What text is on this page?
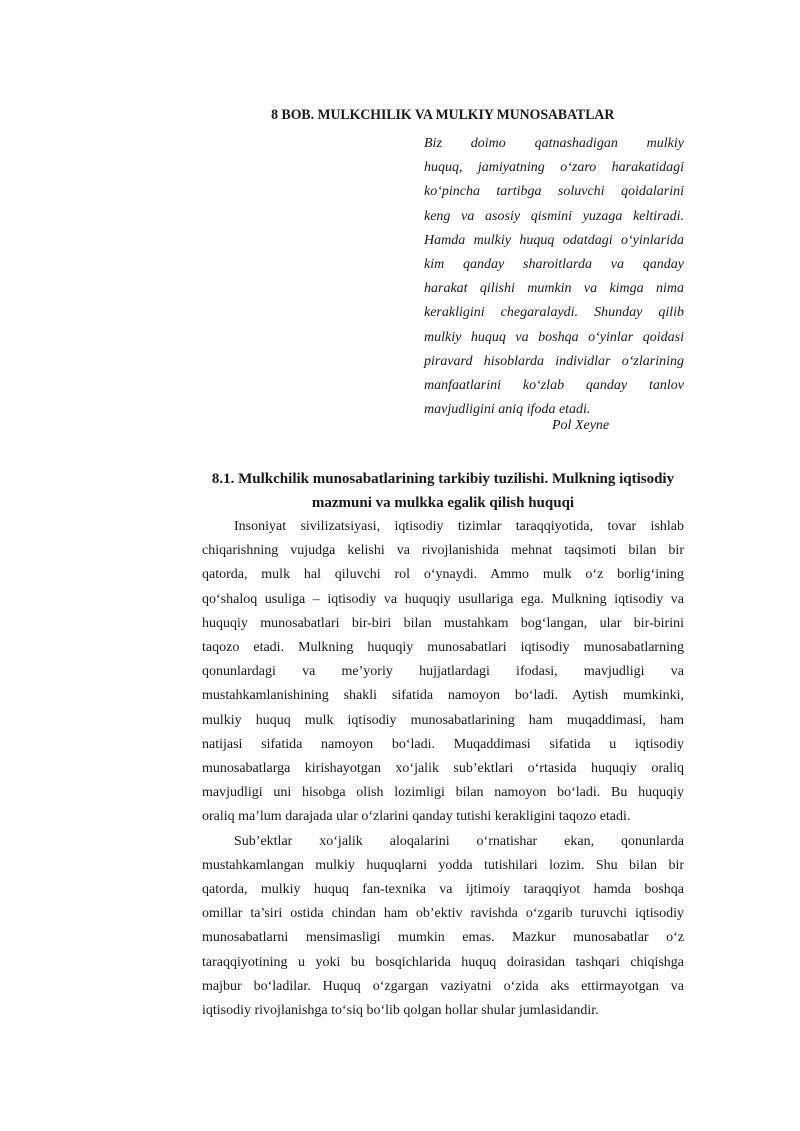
8 BOB. MULKCHILIK VA MULKIY MUNOSABATLAR
Biz doimo qatnashadigan mulkiy
huquq, jamiyatning o‘zaro harakatidagi
ko‘pincha tartibga soluvchi qoidalarini
keng va asosiy qismini yuzaga keltiradi.
Hamda mulkiy huquq odatdagi o‘yinlarida
kim qanday sharoitlarda va qanday
harakat qilishi mumkin va kimga nima
kerakligini chegaralaydi. Shunday qilib
mulkiy huquq va boshqa o‘yinlar qoidasi
piravard hisoblarda individlar o‘zlarining
manfaatlarini ko‘zlab qanday tanlov
mavjudligini aniq ifoda etadi.
Pol Xeyne
8.1. Mulkchilik munosabatlarining tarkibiy tuzilishi. Mulkning iqtisodiy
mazmuni va mulkka egalik qilish huquqi
Insoniyat sivilizatsiyasi, iqtisodiy tizimlar taraqqiyotida, tovar ishlab
chiqarishning vujudga kelishi va rivojlanishida mehnat taqsimoti bilan bir
qatorda, mulk hal qiluvchi rol o‘ynaydi. Ammo mulk o‘z borlig‘ining
qo‘shaloq usuliga – iqtisodiy va huquqiy usullariga ega. Mulkning iqtisodiy va
huquqiy munosabatlari bir-biri bilan mustahkam bog‘langan, ular bir-birini
taqozo etadi. Mulkning huquqiy munosabatlari iqtisodiy munosabatlarning
qonunlardagi va me’yoriy hujjatlardagi ifodasi, mavjudligi va
mustahkamlanishining shakli sifatida namoyon bo‘ladi. Aytish mumkinki,
mulkiy huquq mulk iqtisodiy munosabatlarining ham muqaddimasi, ham
natijasi sifatida namoyon bo‘ladi. Muqaddimasi sifatida u iqtisodiy
munosabatlarga kirishayotgan xo‘jalik sub’ektlari o‘rtasida huquqiy oraliq
mavjudligi uni hisobga olish lozimligi bilan namoyon bo‘ladi. Bu huquqiy
oraliq ma’lum darajada ular o‘zlarini qanday tutishi kerakligini taqozo etadi.
Sub’ektlar xo‘jalik aloqalarini o‘rnatishar ekan, qonunlarda
mustahkamlangan mulkiy huquqlarni yodda tutishilari lozim. Shu bilan bir
qatorda, mulkiy huquq fan-texnika va ijtimoiy taraqqiyot hamda boshqa
omillar ta’siri ostida chindan ham ob’ektiv ravishda o‘zgarib turuvchi iqtisodiy
munosabatlarni mensimasligi mumkin emas. Mazkur munosabatlar o‘z
taraqqiyotining u yoki bu bosqichlarida huquq doirasidan tashqari chiqishga
majbur bo‘ladilar. Huquq o‘zgargan vaziyatni o‘zida aks ettirmayotgan va
iqtisodiy rivojlanishga to‘siq bo‘lib qolgan hollar shular jumlasidandir.
